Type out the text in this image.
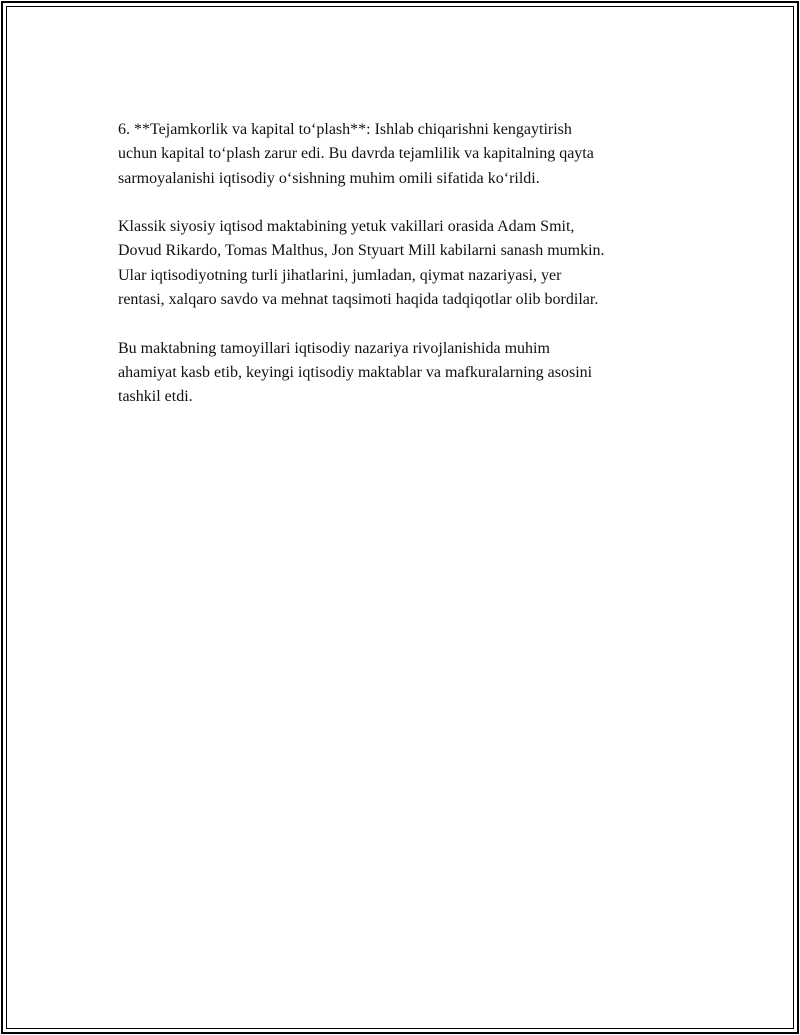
6. **Tejamkorlik va kapital to‘plash**: Ishlab chiqarishni kengaytirish
uchun kapital to‘plash zarur edi. Bu davrda tejamlilik va kapitalning qayta
sarmoyalanishi iqtisodiy o‘sishning muhim omili sifatida ko‘rildi.

Klassik siyosiy iqtisod maktabining yetuk vakillari orasida Adam Smit,
Dovud Rikardo, Tomas Malthus, Jon Styuart Mill kabilarni sanash mumkin.
Ular iqtisodiyotning turli jihatlarini, jumladan, qiymat nazariyasi, yer
rentasi, xalqaro savdo va mehnat taqsimoti haqida tadqiqotlar olib bordilar.

Bu maktabning tamoyillari iqtisodiy nazariya rivojlanishida muhim
ahamiyat kasb etib, keyingi iqtisodiy maktablar va mafkuralarning asosini
tashkil etdi.
